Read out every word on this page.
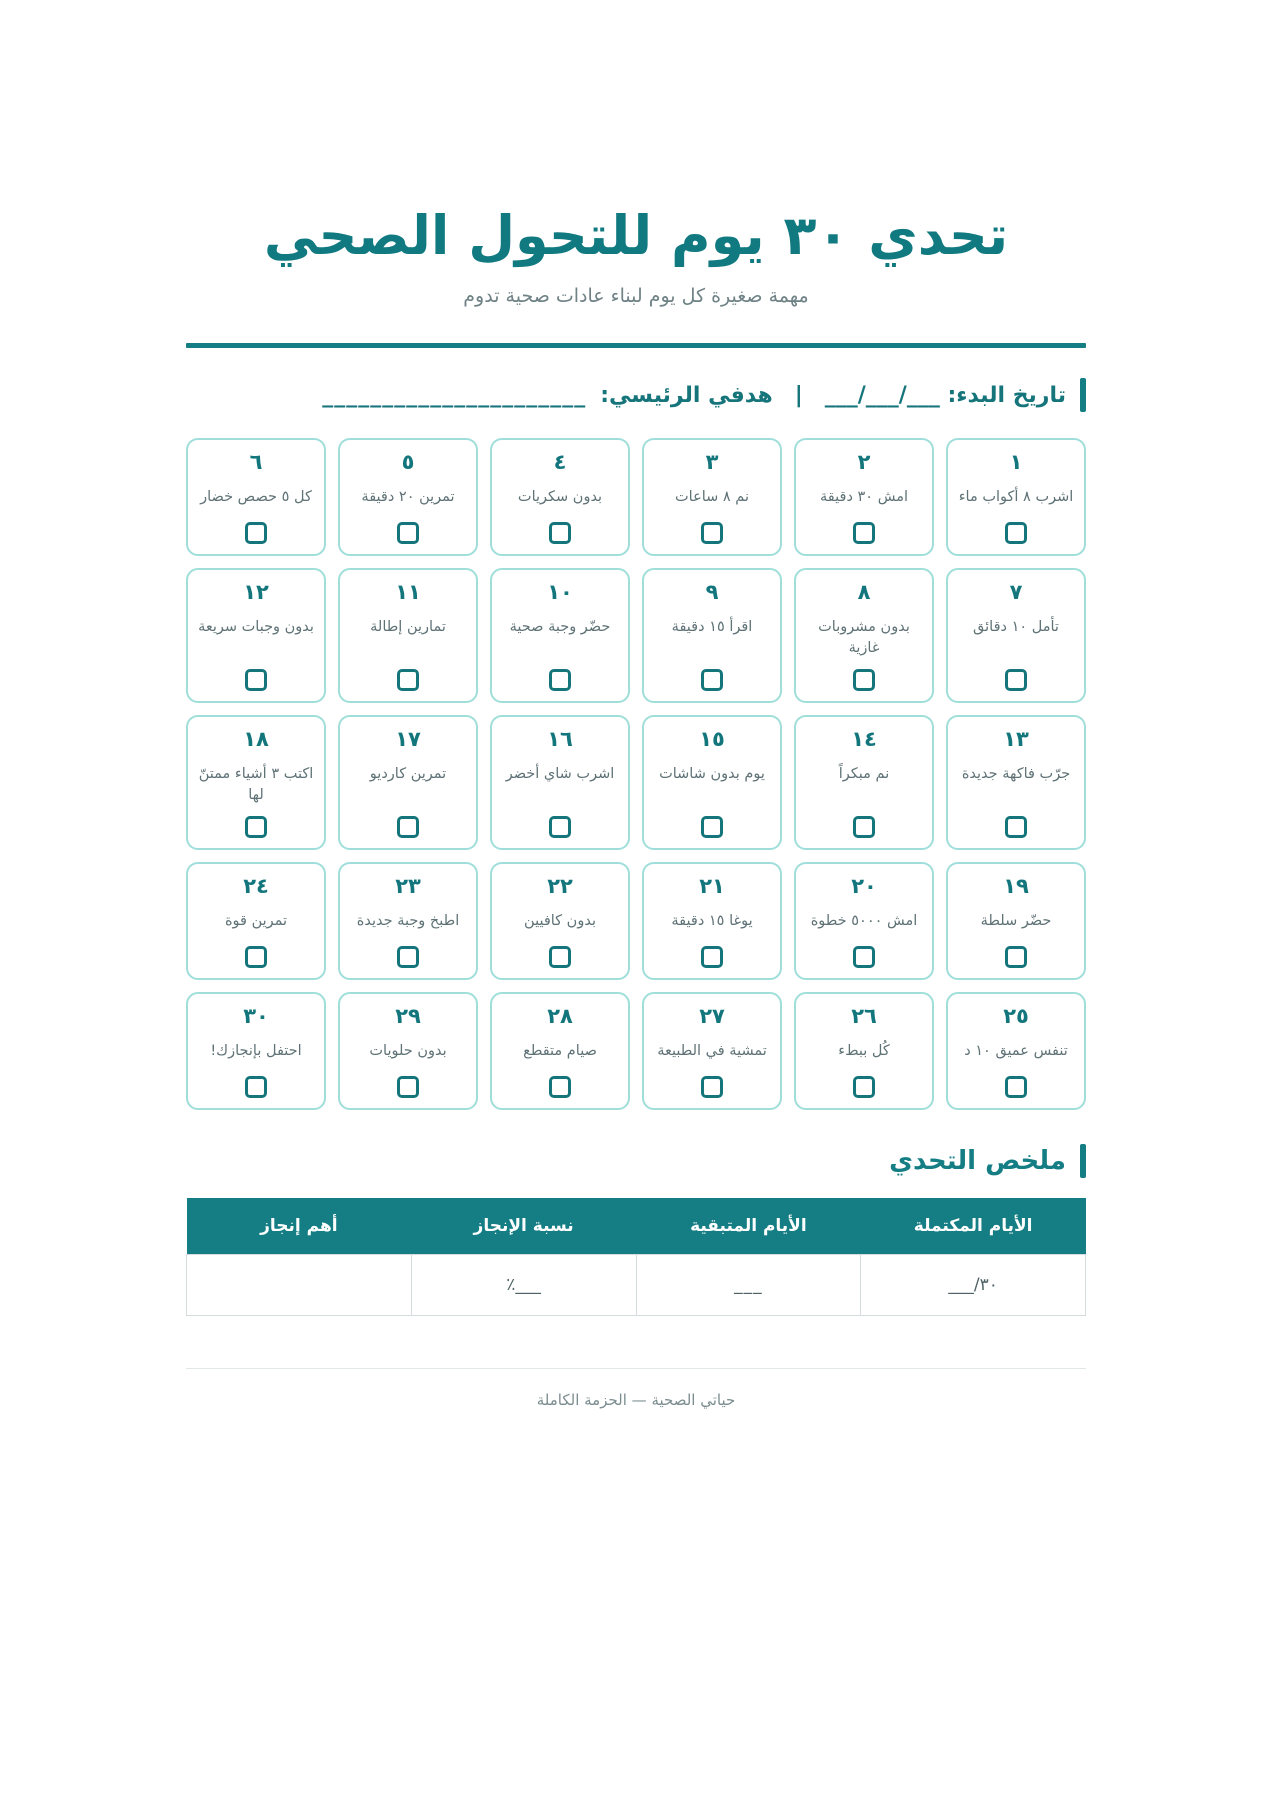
تحدي ٣٠ يوم للتحول الصحي

مهمة صغيرة كل يوم لبناء عادات صحية تدوم

تاريخ البدء: ___/___/___
|
هدفي الرئيسي:
______________________
١
اشرب ٨ أكواب ماء
٢
امش ٣٠ دقيقة
٣
نم ٨ ساعات
٤
بدون سكريات
٥
تمرين ٢٠ دقيقة
٦
كل ٥ حصص خضار
٧
تأمل ١٠ دقائق
٨
بدون مشروبات غازية
٩
اقرأ ١٥ دقيقة
١٠
حضّر وجبة صحية
١١
تمارين إطالة
١٢
بدون وجبات سريعة
١٣
جرّب فاكهة جديدة
١٤
نم مبكراً
١٥
يوم بدون شاشات
١٦
اشرب شاي أخضر
١٧
تمرين كارديو
١٨
اكتب ٣ أشياء ممتنّ لها
١٩
حضّر سلطة
٢٠
امش ٥٠٠٠ خطوة
٢١
يوغا ١٥ دقيقة
٢٢
بدون كافيين
٢٣
اطبخ وجبة جديدة
٢٤
تمرين قوة
٢٥
تنفس عميق ١٠ د
٢٦
كُل ببطء
٢٧
تمشية في الطبيعة
٢٨
صيام متقطع
٢٩
بدون حلويات
٣٠
احتفل بإنجازك!
ملخص التحدي
الأيام المكتملة	الأيام المتبقية	نسبة الإنجاز	أهم إنجاز
٣٠/___	___	___٪	
حياتي الصحية — الحزمة الكاملة
